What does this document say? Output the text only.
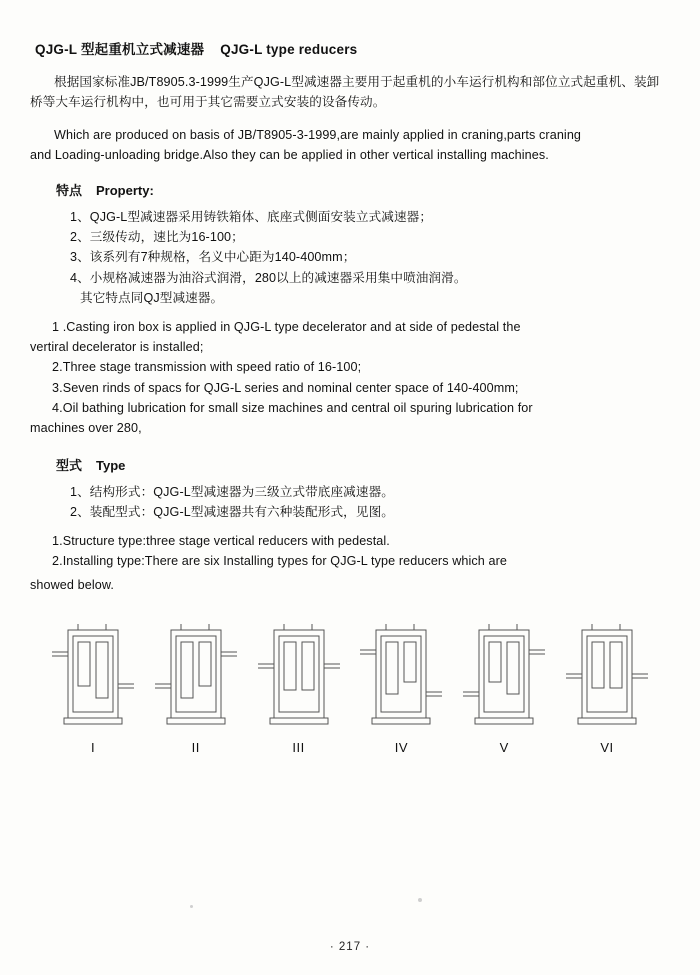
QJG-L 型起重机立式减速器 QJG-L type reducers

根据国家标准JB/T8905.3-1999生产QJG-L型减速器主要用于起重机的小车运行机构和部位立式起重机、装卸桥等大车运行机构中，也可用于其它需要立式安装的设备传动。

Which are produced on basis of JB/T8905-3-1999,are mainly applied in craning,parts craning

and Loading-unloading bridge.Also they can be applied in other vertical installing machines.

特点 Property:

1、QJG-L型减速器采用铸铁箱体、底座式侧面安装立式减速器；

2、三级传动，速比为16-100；

3、该系列有7种规格，名义中心距为140-400mm；

4、小规格减速器为油浴式润滑，280以上的减速器采用集中喷油润滑。

其它特点同QJ型减速器。

1 .Casting iron box is applied in QJG-L type decelerator and at side of pedestal the

vertiral decelerator is installed;

2.Three stage transmission with speed ratio of 16-100;

3.Seven rinds of spacs for QJG-L series and nominal center space of 140-400mm;

4.Oil bathing lubrication for small size machines and central oil spuring lubrication for

machines over 280,

型式 Type

1、结构形式：QJG-L型减速器为三级立式带底座减速器。

2、装配型式：QJG-L型减速器共有六种装配形式，见图。

1.Structure type:three stage vertical reducers with pedestal.

2.Installing type:There are six Installing types for QJG-L type reducers which are

showed below.

I	II	III	IV	V	VI
· 217 ·
